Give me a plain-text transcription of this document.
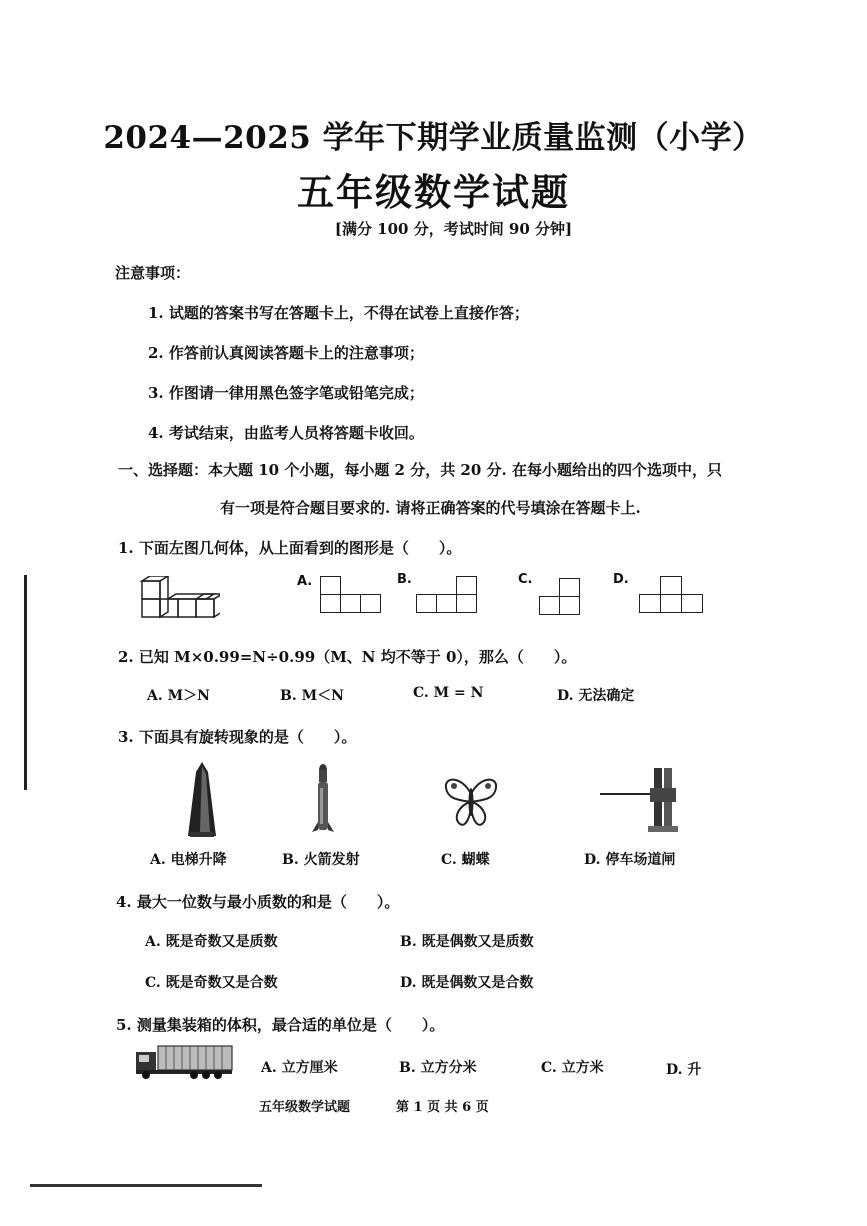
2024—2025 学年下期学业质量监测（小学）
五年级数学试题
[满分 100 分，考试时间 90 分钟]
注意事项：
1. 试题的答案书写在答题卡上，不得在试卷上直接作答；
2. 作答前认真阅读答题卡上的注意事项；
3. 作图请一律用黑色签字笔或铅笔完成；
4. 考试结束，由监考人员将答题卡收回。
一、选择题：本大题 10 个小题，每小题 2 分，共 20 分. 在每小题给出的四个选项中，只
有一项是符合题目要求的. 请将正确答案的代号填涂在答题卡上.
1. 下面左图几何体，从上面看到的图形是（　　）。
A.	B.	C.	D.
2. 已知 M×0.99=N÷0.99（M、N 均不等于 0），那么（　　）。
A. M＞N	B. M＜N	C. M = N	D. 无法确定
3. 下面具有旋转现象的是（　　）。
A. 电梯升降	B. 火箭发射	C. 蝴蝶	D. 停车场道闸
4. 最大一位数与最小质数的和是（　　）。
A. 既是奇数又是质数	B. 既是偶数又是质数
C. 既是奇数又是合数	D. 既是偶数又是合数
5. 测量集装箱的体积，最合适的单位是（　　）。
A. 立方厘米	B. 立方分米	C. 立方米	D. 升
五年级数学试题	第 1 页 共 6 页
